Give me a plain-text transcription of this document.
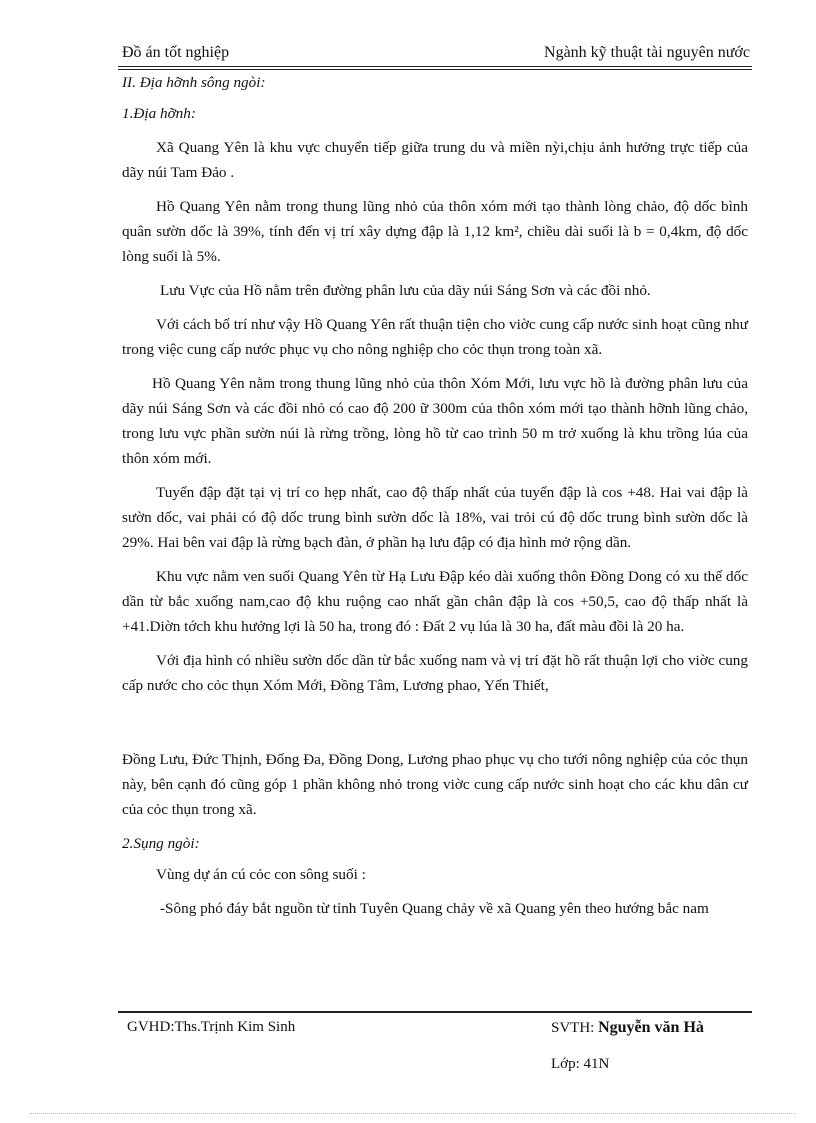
Đồ án tốt nghiệp	Ngành kỹ thuật tài nguyên nước

II. Địa hỡnh sông ngòi:

1.Địa hỡnh:

Xã Quang Yên là khu vực chuyển tiếp giữa trung du và miền nỳi,chịu ảnh hưởng trực tiếp của dãy núi Tam Đảo .

Hồ Quang Yên nằm trong thung lũng nhỏ của thôn xóm mới tạo thành lòng chảo, độ dốc bình quân sườn dốc là 39%, tính đến vị trí xây dựng đập là 1,12 km², chiều dài suối là b = 0,4km, độ dốc lòng suối là 5%.

Lưu Vực của Hồ nằm trên đường phân lưu của dãy núi Sáng Sơn và các đồi nhỏ.

Với cách bố trí như vậy Hồ Quang Yên rất thuận tiện cho viờc cung cấp nước sinh hoạt cũng như trong việc cung cấp nước phục vụ cho nông nghiệp cho cỏc thụn trong toàn xã.

Hồ Quang Yên nằm trong thung lũng nhỏ của thôn Xóm Mới, lưu vực hồ là đường phân lưu của dãy núi Sáng Sơn và các đồi nhỏ có cao độ 200 ữ 300m của thôn xóm mới tạo thành hỡnh lũng chảo, trong lưu vực phần sườn núi là rừng trồng, lòng hồ từ cao trình 50 m trở xuống là khu trồng lúa của thôn xóm mới.

Tuyến đập đặt tại vị trí co hẹp nhất, cao độ thấp nhất của tuyến đập là cos +48. Hai vai đập là sườn dốc, vai phải có độ dốc trung bình sườn dốc là 18%, vai trỏi cú độ dốc trung bình sườn dốc là 29%. Hai bên vai đập là rừng bạch đàn, ở phần hạ lưu đập có địa hình mở rộng dần.

Khu vực nằm ven suối Quang Yên từ Hạ Lưu Đập kéo dài xuống thôn Đồng Dong có xu thế dốc dần từ bắc xuống nam,cao độ khu ruộng cao nhất gần chân đập là cos +50,5, cao độ thấp nhất là +41.Diờn tớch khu hưởng lợi là 50 ha, trong đó : Đất 2 vụ lúa là 30 ha, đất màu đồi là 20 ha.

Với địa hình có nhiều sườn dốc dần từ bắc xuống nam và vị trí đặt hồ rất thuận lợi cho viờc cung cấp nước cho cỏc thụn Xóm Mới, Đồng Tâm, Lương phao, Yến Thiết,

Đồng Lưu, Đức Thịnh, Đống Đa, Đồng Dong, Lương phao phục vụ cho tưới nông nghiệp của cỏc thụn này, bên cạnh đó cũng góp 1 phần không nhỏ trong viờc cung cấp nước sinh hoạt cho các khu dân cư của cỏc thụn trong xã.

2.Sụng ngòi:

Vùng dự án cú cỏc con sông suối :

-Sông phó đáy bắt nguồn từ tỉnh Tuyên Quang chảy về xã Quang yên theo hướng bắc nam

GVHD:Ths.Trịnh Kim Sinh	SVTH: Nguyễn văn Hà
Lớp: 41N
